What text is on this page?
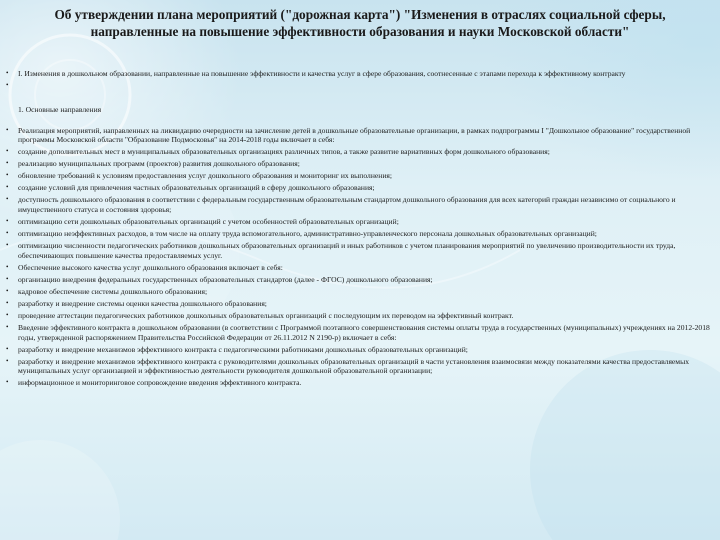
Об утверждении плана мероприятий ("дорожная карта") "Изменения в отраслях социальной сферы, направленные на повышение эффективности образования и науки Московской области"
• I. Изменения в дошкольном образовании, направленные на повышение эффективности и качества услуг в сфере образования, соотнесенные с этапами перехода к эффективному контракту
•
1. Основные направления
• Реализация мероприятий, направленных на ликвидацию очередности на зачисление детей в дошкольные образовательные организации, в рамках подпрограммы I "Дошкольное образование" государственной программы Московской области "Образование Подмосковья" на 2014-2018 годы включает в себя:
• создание дополнительных мест в муниципальных образовательных организациях различных типов, а также развитие вариативных форм дошкольного образования;
• реализацию муниципальных программ (проектов) развития дошкольного образования;
• обновление требований к условиям предоставления услуг дошкольного образования и мониторинг их выполнения;
• создание условий для привлечения частных образовательных организаций в сферу дошкольного образования;
• доступность дошкольного образования в соответствии с федеральным государственным образовательным стандартом дошкольного образования для всех категорий граждан независимо от социального и имущественного статуса и состояния здоровья;
• оптимизацию сети дошкольных образовательных организаций с учетом особенностей образовательных организаций;
• оптимизацию неэффективных расходов, в том числе на оплату труда вспомогательного, административно-управленческого персонала дошкольных образовательных организаций;
• оптимизацию численности педагогических работников дошкольных образовательных организаций и иных работников с учетом планирования мероприятий по увеличению производительности их труда, обеспечивающих повышение качества предоставляемых услуг.
• Обеспечение высокого качества услуг дошкольного образования включает в себя:
• организацию внедрения федеральных государственных образовательных стандартов (далее - ФГОС) дошкольного образования;
• кадровое обеспечение системы дошкольного образования;
• разработку и внедрение системы оценки качества дошкольного образования;
• проведение аттестации педагогических работников дошкольных образовательных организаций с последующим их переводом на эффективный контракт.
• Введение эффективного контракта в дошкольном образовании (в соответствии с Программой поэтапного совершенствования системы оплаты труда в государственных (муниципальных) учреждениях на 2012-2018 годы, утвержденной распоряжением Правительства Российской Федерации от 26.11.2012 N 2190-р) включает в себя:
• разработку и внедрение механизмов эффективного контракта с педагогическими работниками дошкольных образовательных организаций;
• разработку и внедрение механизмов эффективного контракта с руководителями дошкольных образовательных организаций в части установления взаимосвязи между показателями качества предоставляемых муниципальных услуг организацией и эффективностью деятельности руководителя дошкольной образовательной организации;
• информационное и мониторинговое сопровождение введения эффективного контракта.
